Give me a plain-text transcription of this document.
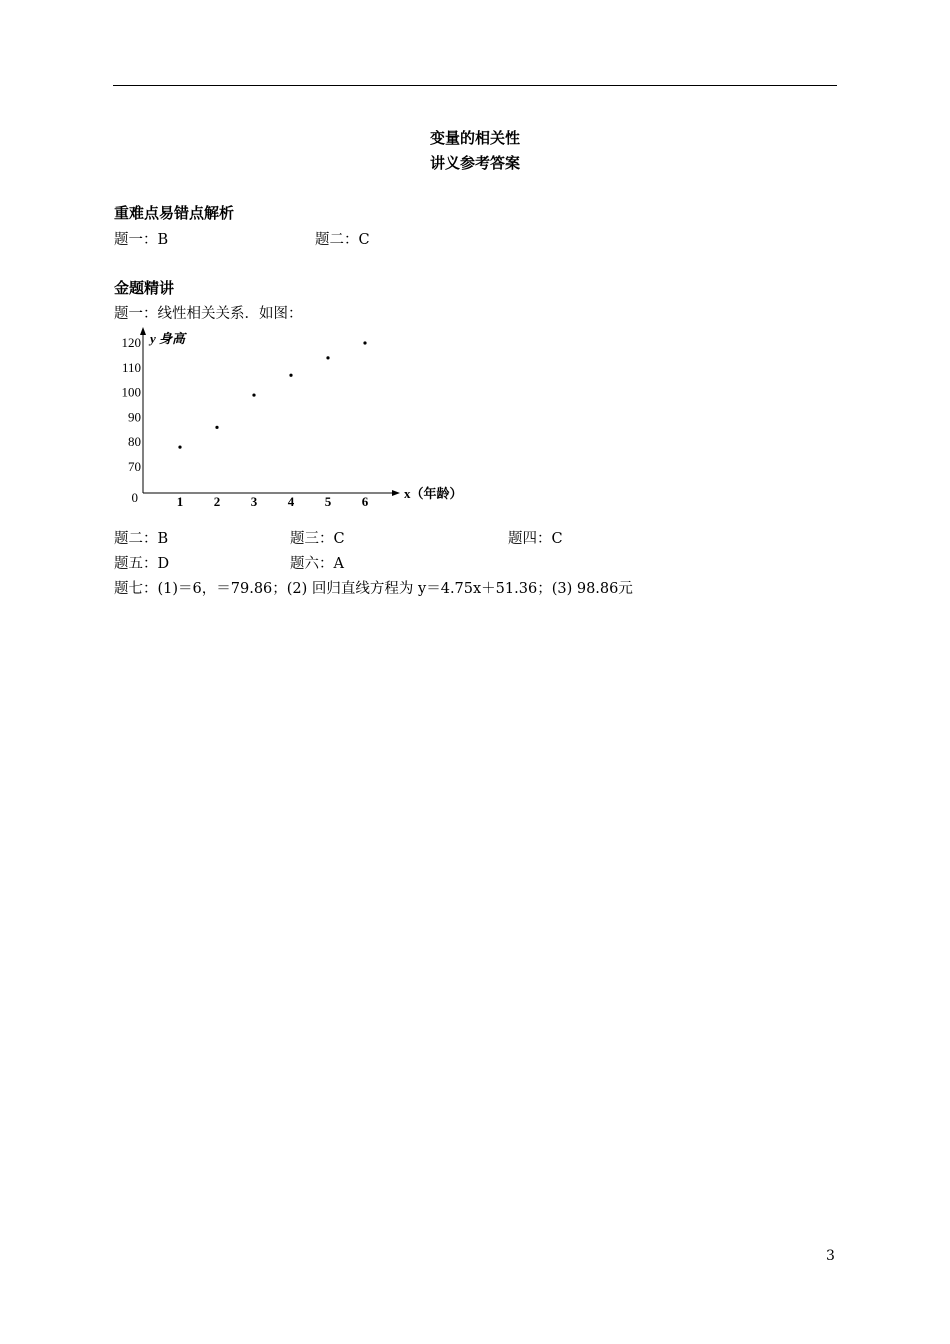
变量的相关性
讲义参考答案
重难点易错点解析
题一：B	题二：C
金题精讲
题一：线性相关关系．如图：
y 身高
x（年龄）
0
70
80
90
100
110
120
1 2 3 4 5 6
题二：B	题三：C	题四：C
题五：D	题六：A
题七：(1)＝6，＝79.86；(2) 回归直线方程为 y＝4.75x＋51.36；(3) 98.86元
3
